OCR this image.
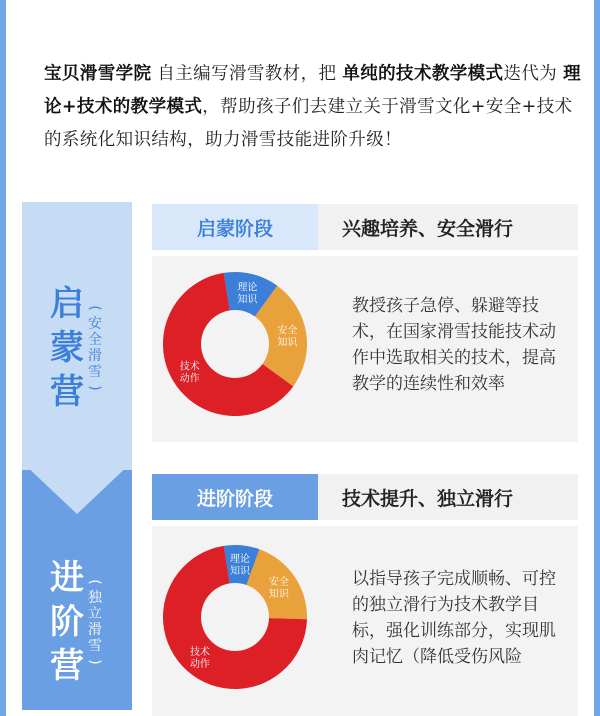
宝贝滑雪学院 自主编写滑雪教材，把 单纯的技术教学模式迭代为 理论+技术的教学模式，帮助孩子们去建立关于滑雪文化+安全+技术的系统化知识结构，助力滑雪技能进阶升级！
启
蒙
营
(
安
全
滑
雪
)
进
阶
营
(
独
立
滑
雪
)
启蒙阶段	兴趣培养、安全滑行
理论
知识
安全
知识
技术
动作
教授孩子急停、躲避等技术，在国家滑雪技能技术动作中选取相关的技术，提高教学的连续性和效率
进阶阶段	技术提升、独立滑行
理论
知识
安全
知识
技术
动作
以指导孩子完成顺畅、可控的独立滑行为技术教学目标，强化训练部分，实现肌肉记忆（降低受伤风险
